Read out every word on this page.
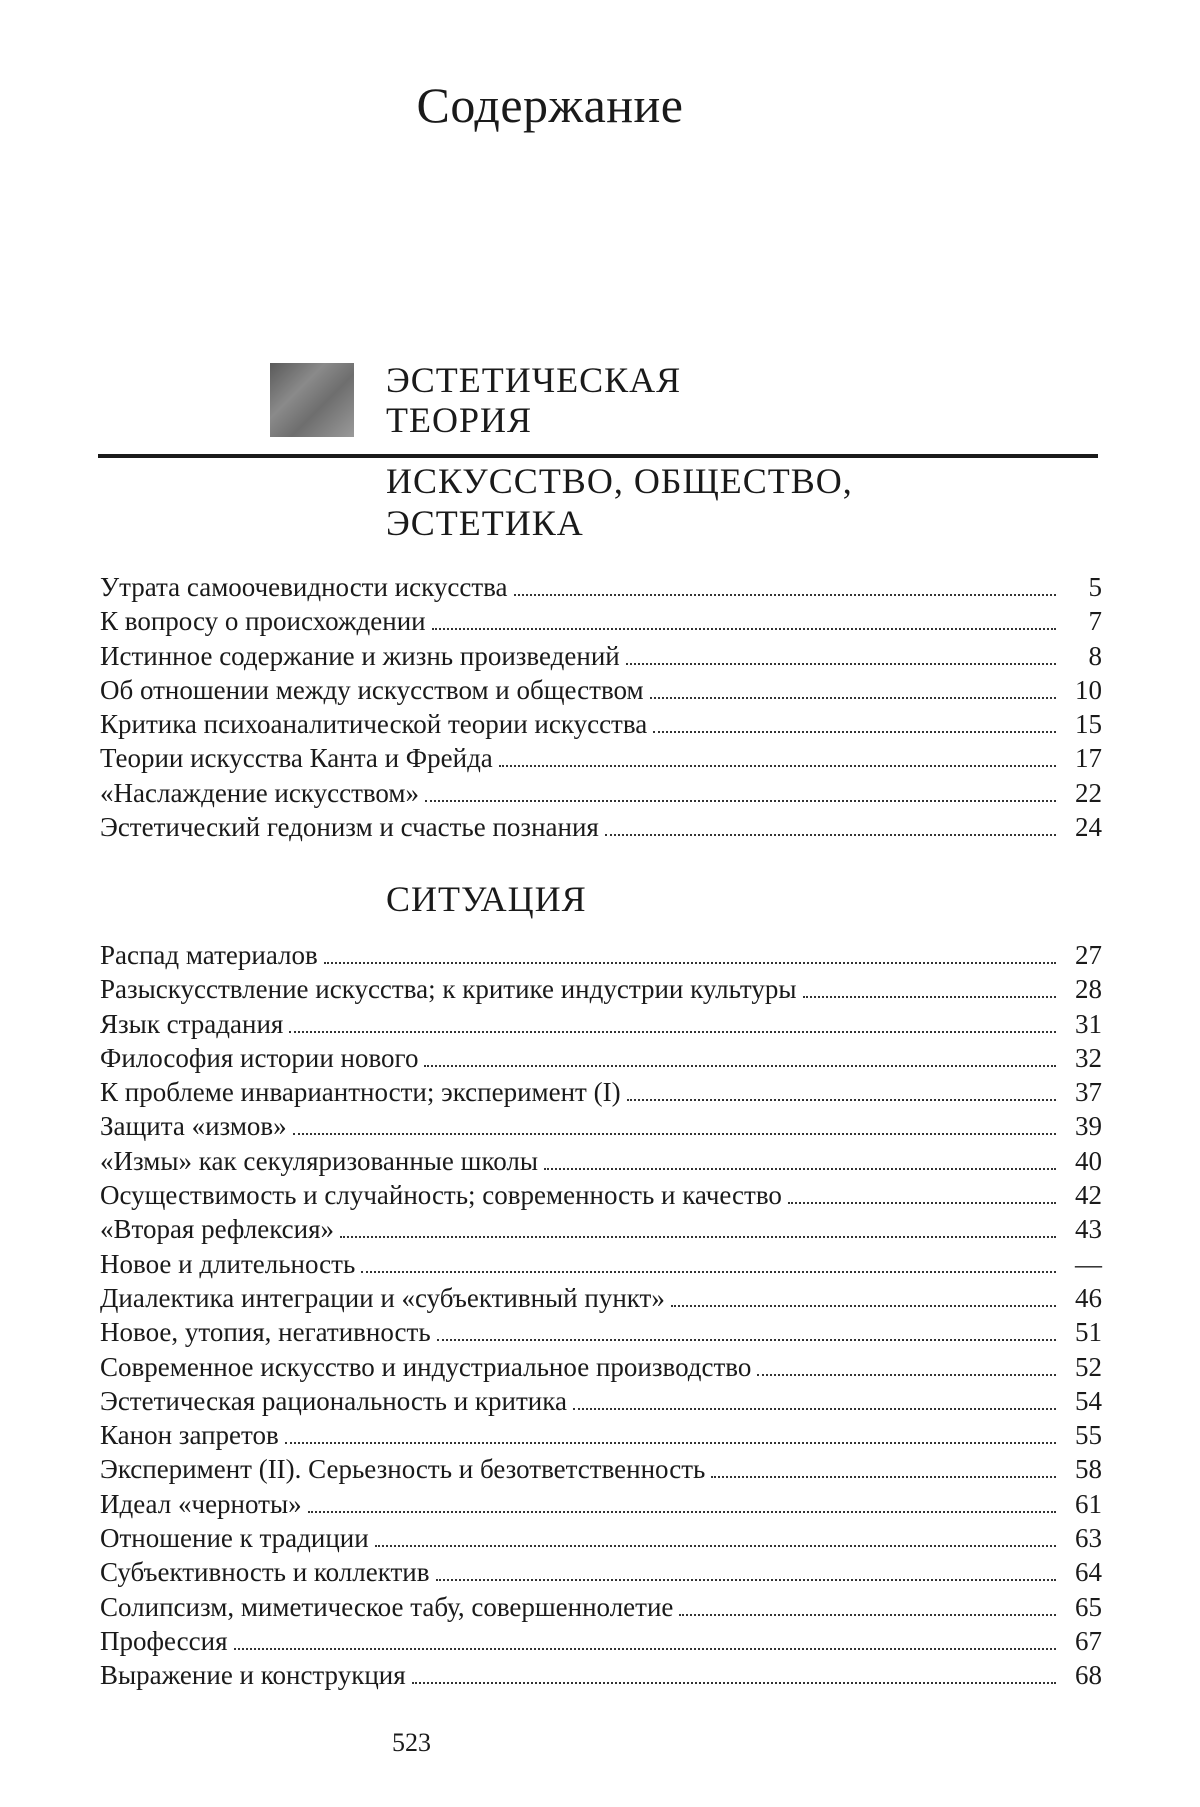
Содержание
ЭСТЕТИЧЕСКАЯ
ТЕОРИЯ
ИСКУССТВО, ОБЩЕСТВО,
ЭСТЕТИКА
Утрата самоочевидности искусства	5
К вопросу о происхождении	7
Истинное содержание и жизнь произведений	8
Об отношении между искусством и обществом	10
Критика психоаналитической теории искусства	15
Теории искусства Канта и Фрейда	17
«Наслаждение искусством»	22
Эстетический гедонизм и счастье познания	24
СИТУАЦИЯ
Распад материалов	27
Разыскусствление искусства; к критике индустрии культуры	28
Язык страдания	31
Философия истории нового	32
К проблеме инвариантности; эксперимент (I)	37
Защита «измов»	39
«Измы» как секуляризованные школы	40
Осуществимость и случайность; современность и качество	42
«Вторая рефлексия»	43
Новое и длительность	—
Диалектика интеграции и «субъективный пункт»	46
Новое, утопия, негативность	51
Современное искусство и индустриальное производство	52
Эстетическая рациональность и критика	54
Канон запретов	55
Эксперимент (II). Серьезность и безответственность	58
Идеал «черноты»	61
Отношение к традиции	63
Субъективность и коллектив	64
Солипсизм, миметическое табу, совершеннолетие	65
Профессия	67
Выражение и конструкция	68
523
